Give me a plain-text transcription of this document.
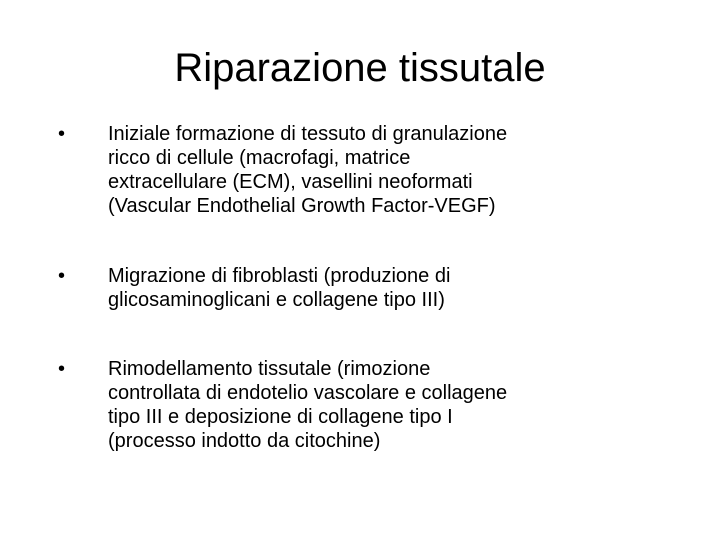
Riparazione tissutale
• Iniziale formazione di tessuto di granulazione
ricco di cellule (macrofagi, matrice
extracellulare (ECM), vasellini neoformati
(Vascular Endothelial Growth Factor-VEGF)
• Migrazione di fibroblasti (produzione di
glicosaminoglicani e collagene tipo III)
• Rimodellamento tissutale (rimozione
controllata di endotelio vascolare e collagene
tipo III e deposizione di collagene tipo I
(processo indotto da citochine)
